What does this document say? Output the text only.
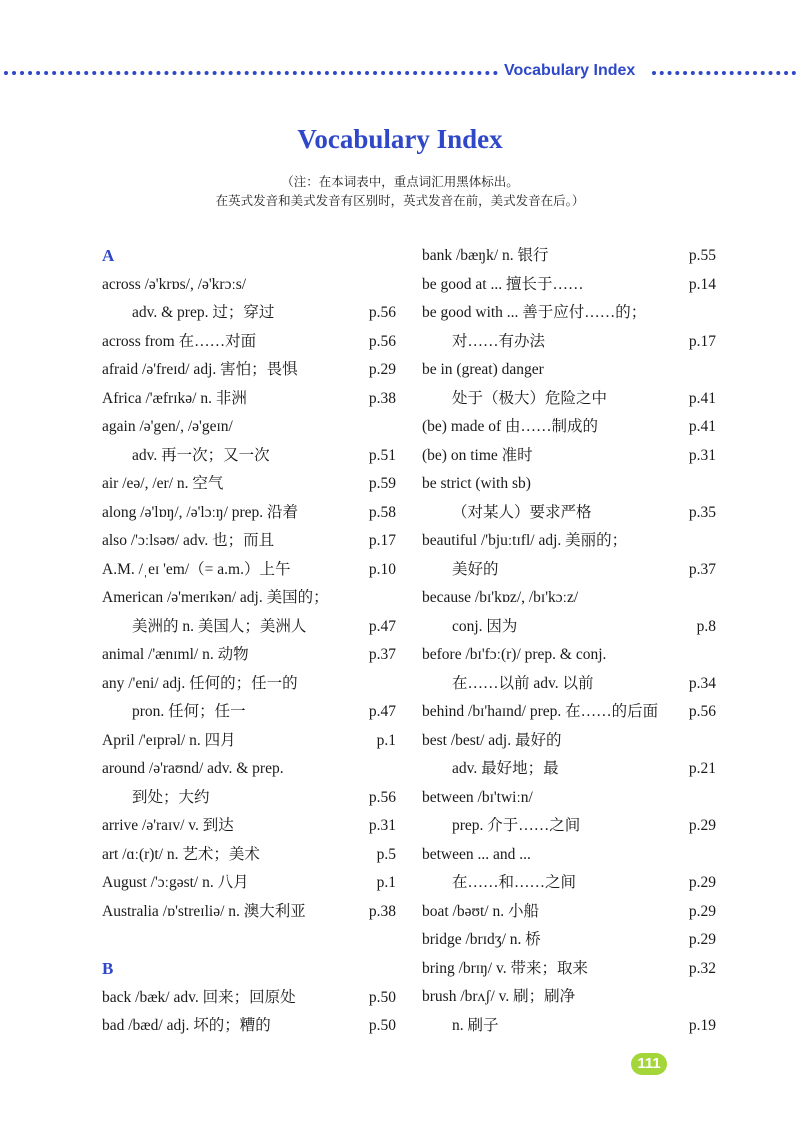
Vocabulary Index
Vocabulary Index
（注：在本词表中，重点词汇用黑体标出。
在英式发音和美式发音有区别时，英式发音在前，美式发音在后。）
A
across /ə'krɒs/, /ə'krɔːs/
adv. & prep. 过；穿过	p.56
across from 在……对面	p.56
afraid /ə'freɪd/ adj. 害怕；畏惧	p.29
Africa /'æfrɪkə/ n. 非洲	p.38
again /ə'gen/, /ə'geɪn/
adv. 再一次；又一次	p.51
air /eə/, /er/ n. 空气	p.59
along /ə'lɒŋ/, /ə'lɔːŋ/ prep. 沿着	p.58
also /'ɔːlsəʊ/ adv. 也；而且	p.17
A.M. /ˌeɪ 'em/（= a.m.）上午	p.10
American /ə'merɪkən/ adj. 美国的；
美洲的 n. 美国人；美洲人	p.47
animal /'ænɪml/ n. 动物	p.37
any /'eni/ adj. 任何的；任一的
pron. 任何；任一	p.47
April /'eɪprəl/ n. 四月	p.1
around /ə'raʊnd/ adv. & prep.
到处；大约	p.56
arrive /ə'raɪv/ v. 到达	p.31
art /ɑː(r)t/ n. 艺术；美术	p.5
August /'ɔːgəst/ n. 八月	p.1
Australia /ɒ'streɪliə/ n. 澳大利亚	p.38
B
back /bæk/ adv. 回来；回原处	p.50
bad /bæd/ adj. 坏的；糟的	p.50
bank /bæŋk/ n. 银行	p.55
be good at ... 擅长于……	p.14
be good with ... 善于应付……的；
对……有办法	p.17
be in (great) danger
处于（极大）危险之中	p.41
(be) made of 由……制成的	p.41
(be) on time 准时	p.31
be strict (with sb)
（对某人）要求严格	p.35
beautiful /'bjuːtɪfl/ adj. 美丽的；
美好的	p.37
because /bɪ'kɒz/, /bɪ'kɔːz/
conj. 因为	p.8
before /bɪ'fɔː(r)/ prep. & conj.
在……以前 adv. 以前	p.34
behind /bɪ'haɪnd/ prep. 在……的后面 p.56
best /best/ adj. 最好的
adv. 最好地；最	p.21
between /bɪ'twiːn/
prep. 介于……之间	p.29
between ... and ...
在……和……之间	p.29
boat /bəʊt/ n. 小船	p.29
bridge /brɪdʒ/ n. 桥	p.29
bring /brɪŋ/ v. 带来；取来	p.32
brush /brʌʃ/ v. 刷；刷净
n. 刷子	p.19
111
